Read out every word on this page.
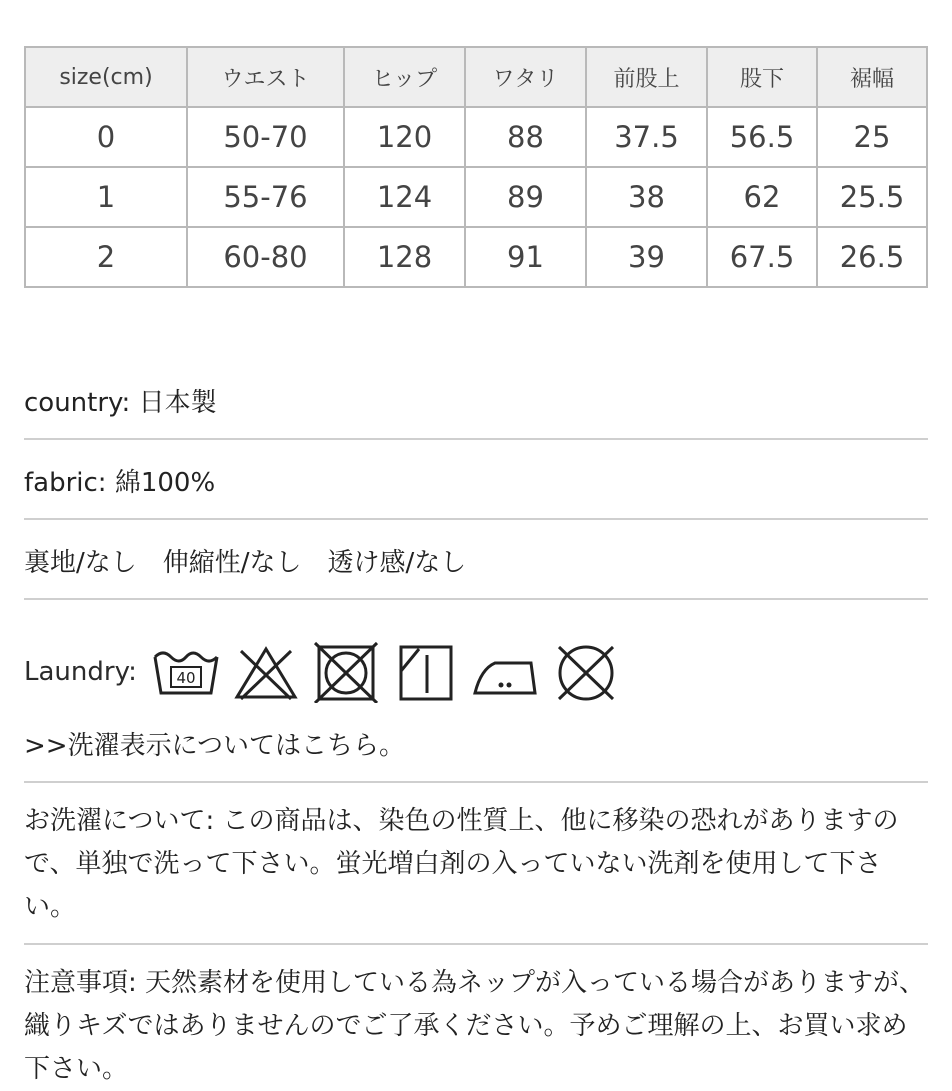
size(cm)	ウエスト	ヒップ	ワタリ	前股上	股下	裾幅
0	50-70	120	88	37.5	56.5	25
1	55-76	124	89	38	62	25.5
2	60-80	128	91	39	67.5	26.5
country: 日本製
fabric: 綿100%
裏地/なし　伸縮性/なし　透け感/なし
Laundry:	40
>>洗濯表示についてはこちら。
お洗濯について: この商品は、染色の性質上、他に移染の恐れがありますので、単独で洗って下さい。蛍光増白剤の入っていない洗剤を使用して下さい。
注意事項: 天然素材を使用している為ネップが入っている場合がありますが、織りキズではありませんのでご了承ください。予めご理解の上、お買い求め下さい。
